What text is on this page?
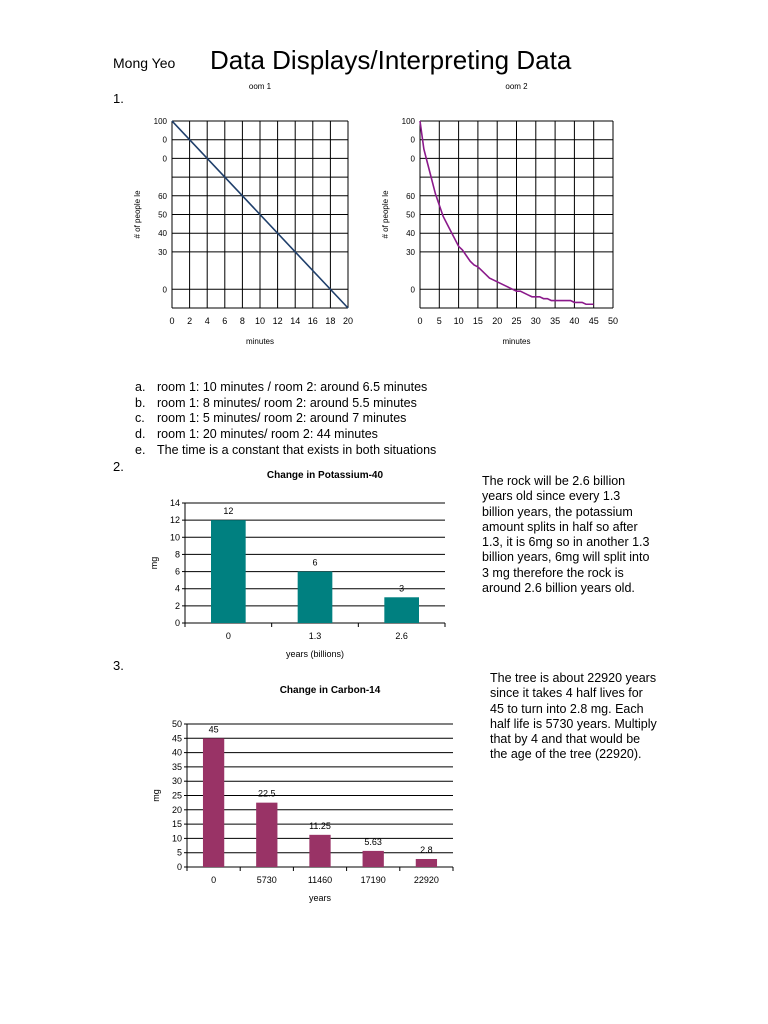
Mong Yeo Data Displays/Interpreting Data
1.
oom 1
100
0
0
60
50
40
30
0
0 2 4 6 8 10 12 14 16 18 20
# of people le
minutes
oom 2
100
0
0
60
50
40
30
0
0 5 10 15 20 25 30 35 40 45 50
# of people le
minutes
a. room 1: 10 minutes / room 2: around 6.5 minutes
b. room 1: 8 minutes/ room 2: around 5.5 minutes
c. room 1: 5 minutes/ room 2: around 7 minutes
d. room 1: 20 minutes/ room 2: 44 minutes
e. The time is a constant that exists in both situations
2.
Change in Potassium-40
0
2
4
6
8
10
12
14
12
0
6
1.3
3
2.6
mg
years (billions)
The rock will be 2.6 billion years old since every 1.3 billion years, the potassium amount splits in half so after 1.3, it is 6mg so in another 1.3 billion years, 6mg will split into 3 mg therefore the rock is around 2.6 billion years old.
3.
Change in Carbon-14
0
5
10
15
20
25
30
35
40
45
50
45
0
22.5
5730
11.25
11460
5.63
17190
2.8
22920
mg
years
The tree is about 22920 years since it takes 4 half lives for 45 to turn into 2.8 mg. Each half life is 5730 years. Multiply that by 4 and that would be the age of the tree (22920).
